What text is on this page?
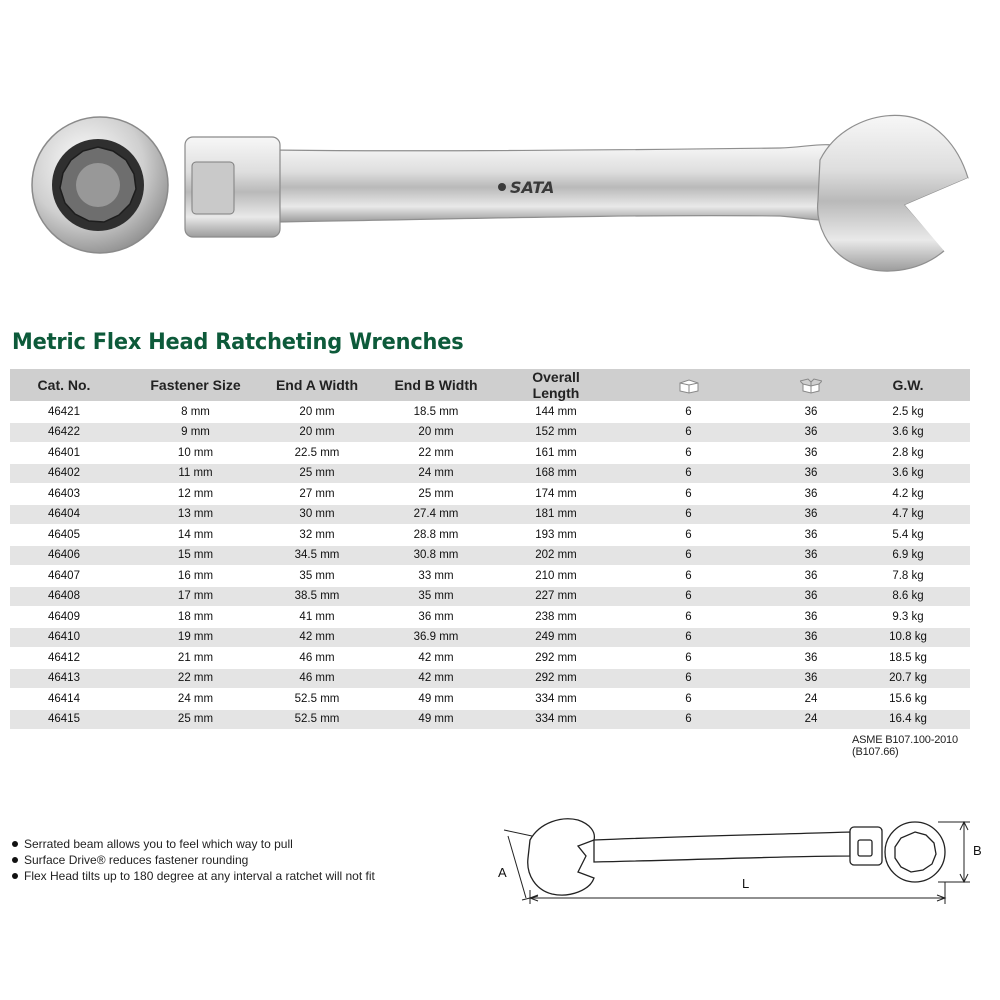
SATA
Metric Flex Head Ratcheting Wrenches
Cat. No.	Fastener Size	End A Width	End B Width	Overall Length			G.W.
46421	8 mm	20 mm	18.5 mm	144 mm	6	36	2.5 kg
46422	9 mm	20 mm	20 mm	152 mm	6	36	3.6 kg
46401	10 mm	22.5 mm	22 mm	161 mm	6	36	2.8 kg
46402	11 mm	25 mm	24 mm	168 mm	6	36	3.6 kg
46403	12 mm	27 mm	25 mm	174 mm	6	36	4.2 kg
46404	13 mm	30 mm	27.4 mm	181 mm	6	36	4.7 kg
46405	14 mm	32 mm	28.8 mm	193 mm	6	36	5.4 kg
46406	15 mm	34.5 mm	30.8 mm	202 mm	6	36	6.9 kg
46407	16 mm	35 mm	33 mm	210 mm	6	36	7.8 kg
46408	17 mm	38.5 mm	35 mm	227 mm	6	36	8.6 kg
46409	18 mm	41 mm	36 mm	238 mm	6	36	9.3 kg
46410	19 mm	42 mm	36.9 mm	249 mm	6	36	10.8 kg
46412	21 mm	46 mm	42 mm	292 mm	6	36	18.5 kg
46413	22 mm	46 mm	42 mm	292 mm	6	36	20.7 kg
46414	24 mm	52.5 mm	49 mm	334 mm	6	24	15.6 kg
46415	25 mm	52.5 mm	49 mm	334 mm	6	24	16.4 kg
ASME B107.100-2010 (B107.66)
Serrated beam allows you to feel which way to pull
Surface Drive® reduces fastener rounding
Flex Head tilts up to 180 degree at any interval a ratchet will not fit	A
B
L
